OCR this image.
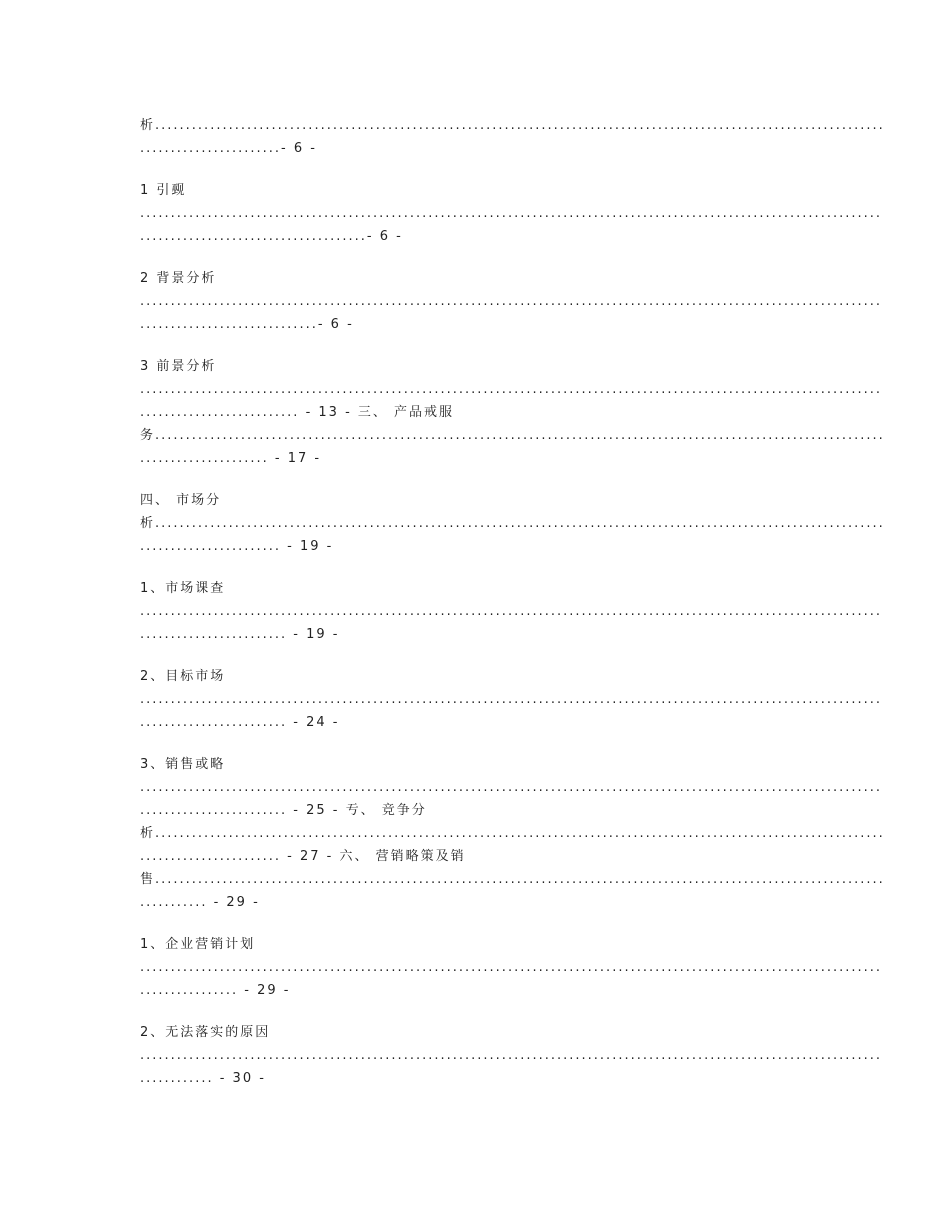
析.......................................................................................................................
.......................- 6 -
1 引觋
.........................................................................................................................
.....................................- 6 -
2 背景分析
.........................................................................................................................
.............................- 6 -
3 前景分析
.........................................................................................................................
.......................... - 13 - 三、 产品戒服
务.......................................................................................................................
..................... - 17 -
四、 市场分
析.......................................................................................................................
....................... - 19 -
1、市场课查
.........................................................................................................................
........................ - 19 -
2、目标市场
.........................................................................................................................
........................ - 24 -
3、销售或略
.........................................................................................................................
........................ - 25 - 亐、 竞争分
析.......................................................................................................................
....................... - 27 - 六、 营销略策及销
售.......................................................................................................................
........... - 29 -
1、企业营销计划
.........................................................................................................................
................ - 29 -
2、无法落实的原因
.........................................................................................................................
............ - 30 -
